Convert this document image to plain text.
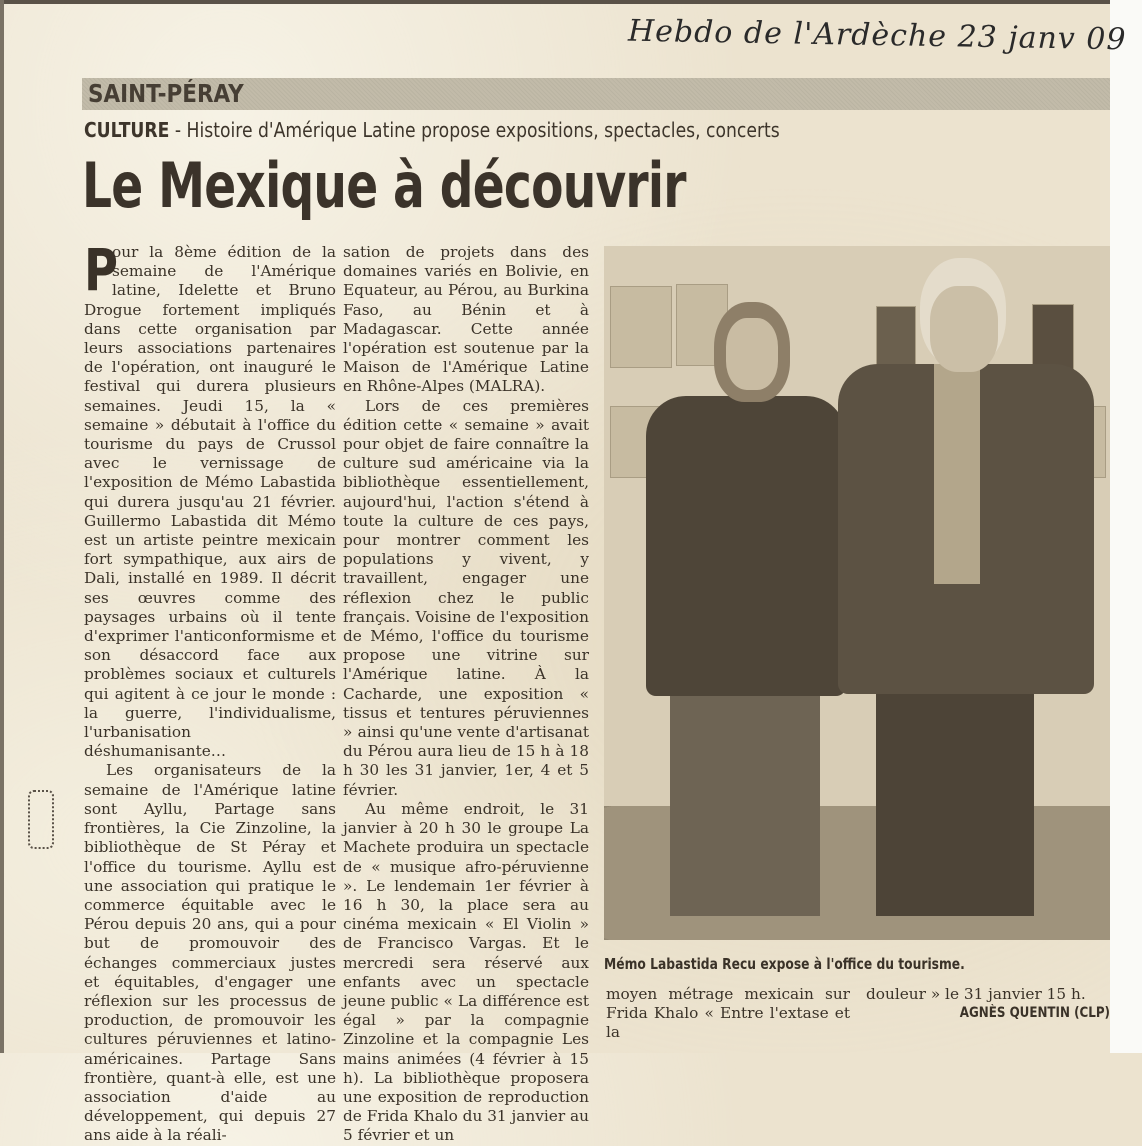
Hebdo de l'Ardèche 23 janv 09
SAINT-PÉRAY
CULTURE - Histoire d'Amérique Latine propose expositions, spectacles, concerts
Le Mexique à découvrir
P

our la 8ème édition de la semaine de l'Amérique latine, Idelette et Bruno Drogue fortement impliqués dans cette organisation par leurs associations partenaires de l'opération, ont inauguré le festival qui durera plusieurs semaines. Jeudi 15, la « semaine » débutait à l'office du tourisme du pays de Crussol avec le vernissage de l'exposition de Mémo Labastida qui durera jusqu'au 21 février. Guillermo Labastida dit Mémo est un artiste peintre mexicain fort sympathique, aux airs de Dali, installé en 1989. Il décrit ses œuvres comme des paysages urbains où il tente d'exprimer l'anticonformisme et son désaccord face aux problèmes sociaux et culturels qui agitent à ce jour le monde : la guerre, l'individualisme, l'urbanisation déshumanisante…

Les organisateurs de la semaine de l'Amérique latine sont Ayllu, Partage sans frontières, la Cie Zinzoline, la bibliothèque de St Péray et l'office du tourisme. Ayllu est une association qui pratique le commerce équitable avec le Pérou depuis 20 ans, qui a pour but de promouvoir des échanges commerciaux justes et équitables, d'engager une réflexion sur les processus de production, de promouvoir les cultures péruviennes et latino-américaines. Partage Sans frontière, quant-à elle, est une association d'aide au développement, qui depuis 27 ans aide à la réali-

sation de projets dans des domaines variés en Bolivie, en Equateur, au Pérou, au Burkina Faso, au Bénin et à Madagascar. Cette année l'opération est soutenue par la Maison de l'Amérique Latine en Rhône-Alpes (MALRA).

Lors de ces premières édition cette « semaine » avait pour objet de faire connaître la culture sud américaine via la bibliothèque essentiellement, aujourd'hui, l'action s'étend à toute la culture de ces pays, pour montrer comment les populations y vivent, y travaillent, engager une réflexion chez le public français. Voisine de l'exposition de Mémo, l'office du tourisme propose une vitrine sur l'Amérique latine. À la Cacharde, une exposition « tissus et tentures péruviennes » ainsi qu'une vente d'artisanat du Pérou aura lieu de 15 h à 18 h 30 les 31 janvier, 1er, 4 et 5 février.

Au même endroit, le 31 janvier à 20 h 30 le groupe La Machete produira un spectacle de « musique afro-péruvienne ». Le lendemain 1er février à 16 h 30, la place sera au cinéma mexicain « El Violin » de Francisco Vargas. Et le mercredi sera réservé aux enfants avec un spectacle jeune public « La différence est égal » par la compagnie Zinzoline et la compagnie Les mains animées (4 février à 15 h). La bibliothèque proposera une exposition de reproduction de Frida Khalo du 31 janvier au 5 février et un

Mémo Labastida Recu expose à l'office du tourisme.
moyen métrage mexicain sur Frida Khalo « Entre l'extase et la
douleur » le 31 janvier 15 h.
AGNÈS QUENTIN (CLP)
